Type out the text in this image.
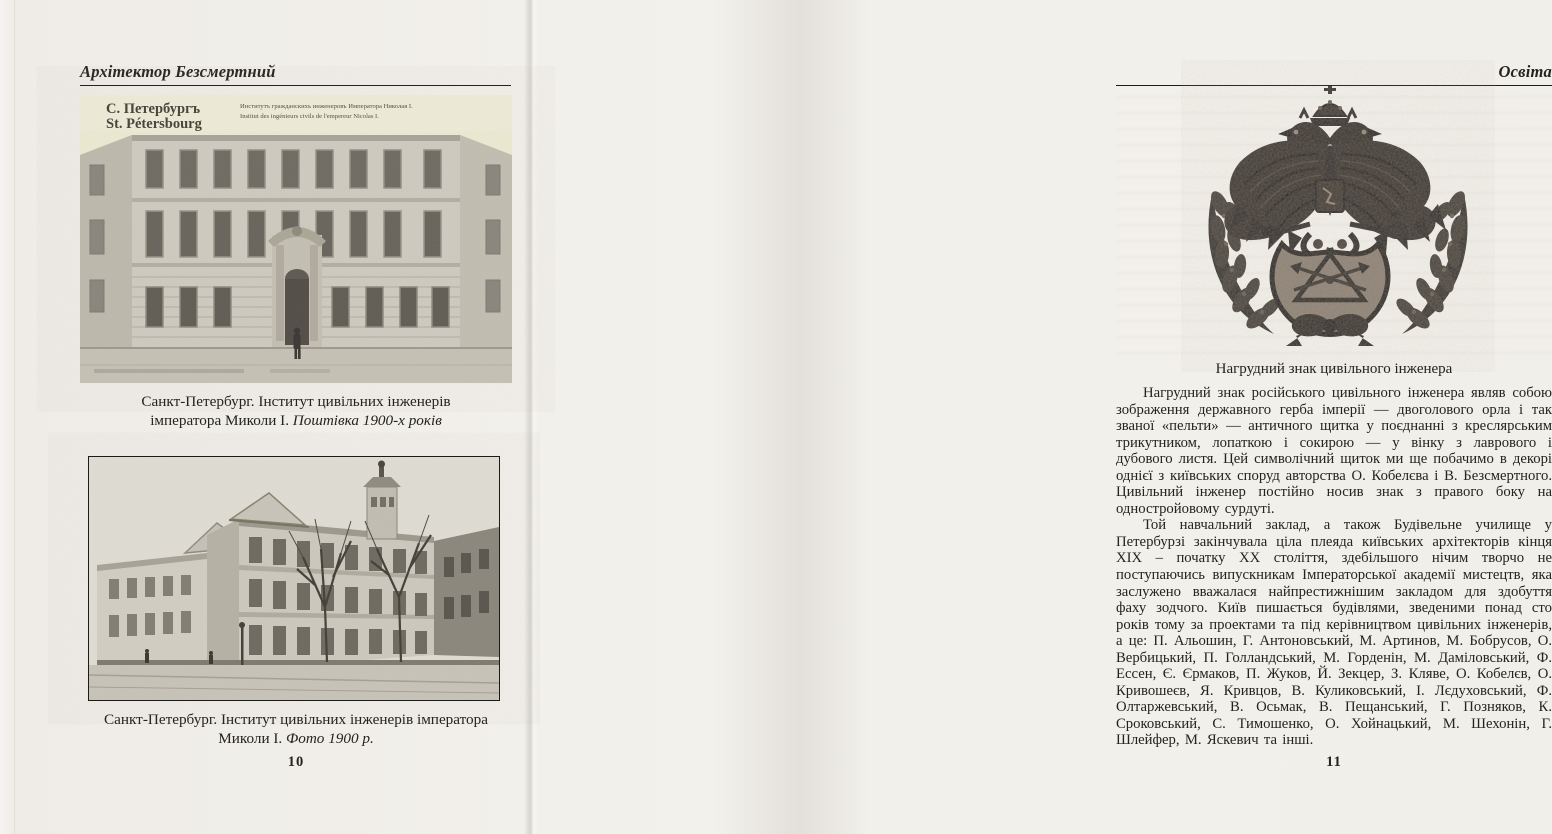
Архітектор Безсмертний
С. Петербургъ
St. Pétersbourg
Институтъ гражданскихъ инженеровъ Императора Николая I.
Institut des ingénieurs civils de l'empereur Nicolas I.
Санкт-Петербург. Інститут цивільних інженерів
імператора Миколи І. Поштівка 1900-х років
Санкт-Петербург. Інститут цивільних інженерів імператора
Миколи І. Фото 1900 р.
10
Освіта
Нагрудний знак цивільного інженера

Нагрудний знак російського цивільного інженера являв собою зображення державного герба імперії — двоголового орла і так званої «пельти» — античного щитка у поєднанні з креслярським трикутником, лопаткою і сокирою — у вінку з лаврового і дубового листя. Цей символічний щиток ми ще побачимо в декорі однієї з київських споруд авторства О. Кобелєва і В. Безсмертного. Цивільний інженер постійно носив знак з правого боку на одностройовому сурдуті.

Той навчальний заклад, а також Будівельне училище у Петербурзі закінчувала ціла плеяда київських архітекторів кінця XIX – початку XX століття, здебільшого нічим творчо не поступаючись випускникам Імператорської академії мистецтв, яка заслужено вважалася найпрестижнішим закладом для здобуття фаху зодчого. Київ пишається будівлями, зведеними понад сто років тому за проектами та під керівництвом цивільних інженерів, а це: П. Альошин, Г. Антоновський, М. Артинов, М. Бобрусов, О. Вербицький, П. Голландський, М. Горденін, М. Даміловський, Ф. Ессен, Є. Єрмаков, П. Жуков, Й. Зекцер, З. Кляве, О. Кобелєв, О. Кривошеєв, Я. Кривцов, В. Куликовський, І. Лєдуховський, Ф. Олтаржевський, В. Осьмак, В. Пещанський, Г. Позняков, К. Сроковський, С. Тимошенко, О. Хойнацький, М. Шехонін, Г. Шлейфер, М. Яскевич та інші.

11
